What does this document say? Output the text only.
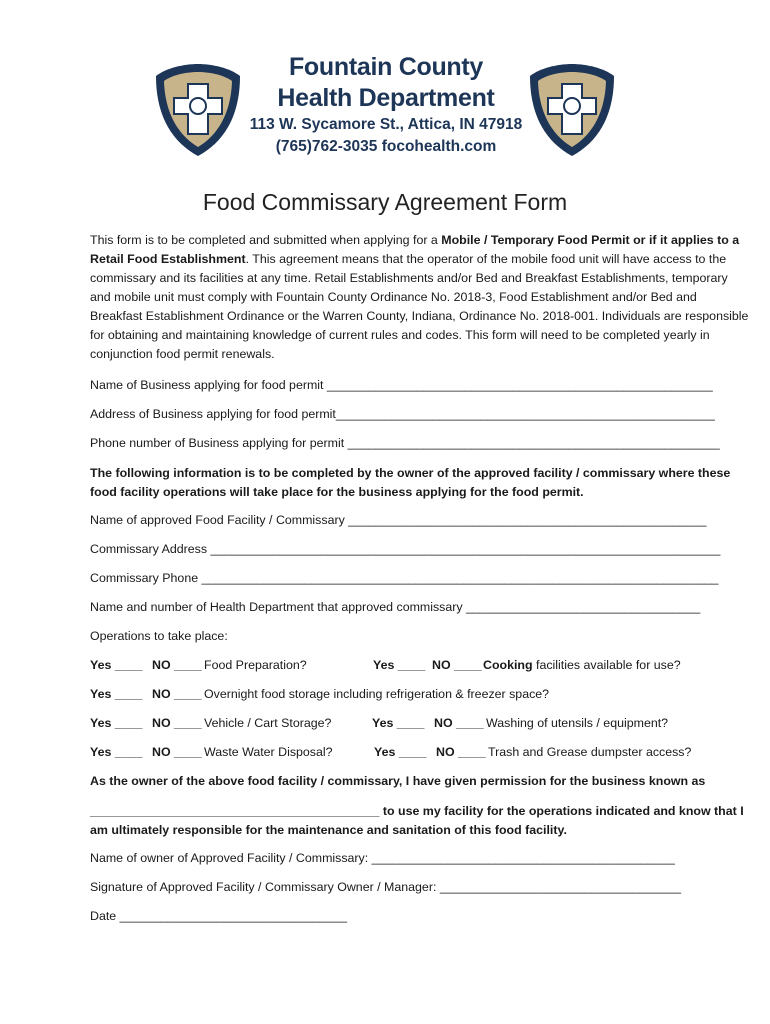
Fountain County
Health Department
113 W. Sycamore St., Attica, IN 47918
(765)762-3035 focohealth.com
Food Commissary Agreement Form

This form is to be completed and submitted when applying for a Mobile / Temporary Food Permit or if it applies to a Retail Food Establishment. This agreement means that the operator of the mobile food unit will have access to the commissary and its facilities at any time. Retail Establishments and/or Bed and Breakfast Establishments, temporary and mobile unit must comply with Fountain County Ordinance No. 2018-3, Food Establishment and/or Bed and Breakfast Establishment Ordinance or the Warren County, Indiana, Ordinance No. 2018-001. Individuals are responsible for obtaining and maintaining knowledge of current rules and codes. This form will need to be completed yearly in conjunction food permit renewals.

Name of Business applying for food permit ________________________________________________________
Address of Business applying for food permit_______________________________________________________
Phone number of Business applying for permit ______________________________________________________

The following information is to be completed by the owner of the approved facility / commissary where these food facility operations will take place for the business applying for the food permit.

Name of approved Food Facility / Commissary ____________________________________________________
Commissary Address __________________________________________________________________________
Commissary Phone ___________________________________________________________________________
Name and number of Health Department that approved commissary __________________________________
Operations to take place:
Yes ____ NO ____ Food Preparation?	Yes ____ NO ____ Cooking facilities available for use?
Yes ____ NO ____ Overnight food storage including refrigeration & freezer space?
Yes ____ NO ____ Vehicle / Cart Storage?	Yes ____ NO ____ Washing of utensils / equipment?
Yes ____ NO ____ Waste Water Disposal?	Yes ____ NO ____ Trash and Grease dumpster access?
As the owner of the above food facility / commissary, I have given permission for the business known as

__________________________________________ to use my facility for the operations indicated and know that I am ultimately responsible for the maintenance and sanitation of this food facility.

Name of owner of Approved Facility / Commissary: ____________________________________________
Signature of Approved Facility / Commissary Owner / Manager: ___________________________________
Date _________________________________
